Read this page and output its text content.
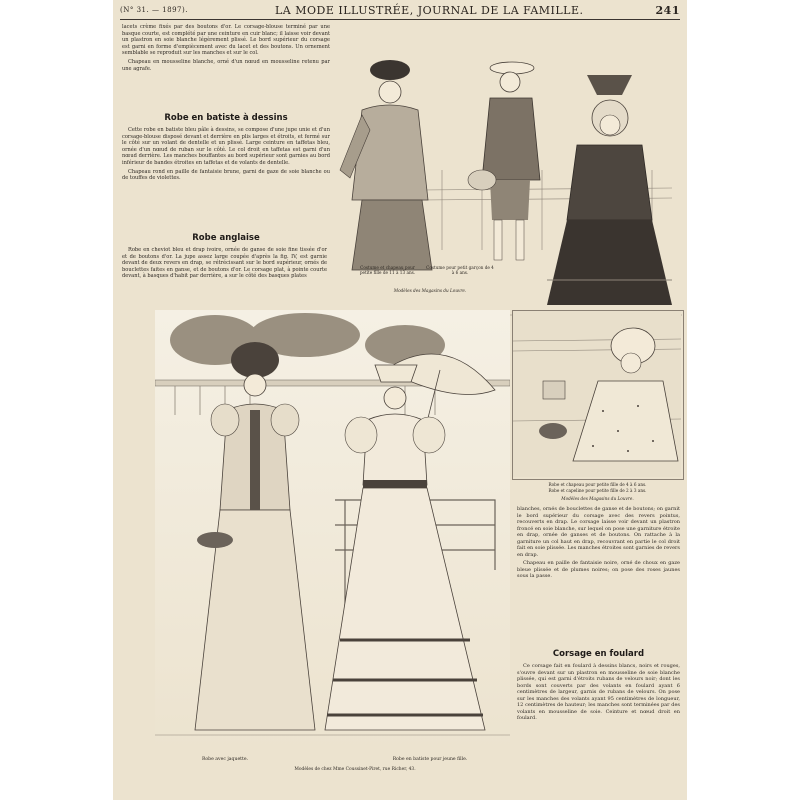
(N° 31. — 1897).	LA MODE ILLUSTRÉE, JOURNAL DE LA FAMILLE.	241

lacets crème fixés par des boutons d'or. Le corsage-blouse terminé par une basque courte, est complété par une ceinture en cuir blanc; il laisse voir devant un plastron en soie blanche légèrement plissé. Le bord supérieur du corsage est garni en forme d'empiècement avec du lacet et des boutons. Un ornement semblable se reproduit sur les manches et sur le col.

Chapeau en mousseline blanche, orné d'un nœud en mousseline retenu par une agrafe.

Robe en batiste à dessins

Cette robe en batiste bleu pâle à dessins, se compose d'une jupe unie et d'un corsage-blouse disposé devant et derrière en plis larges et étroits, et fermé sur le côté sur un volant de dentelle et un plissé. Large ceinture en taffetas bleu, ornée d'un nœud de ruban sur le côté. Le col droit en taffetas est garni d'un nœud derrière. Les manches bouffantes au bord supérieur sont garnies au bord inférieur de bandes étroites en taffetas et de volants de dentelle.

Chapeau rond en paille de fantaisie brune, garni de gaze de soie blanche ou de touffes de violettes.

Robe anglaise

Robe en cheviot bleu et drap ivoire, ornée de ganse de soie fine tissée d'or et de boutons d'or. La jupe assez large coupée d'après la fig. IV, est garnie devant de deux revers en drap, se rétrécissant sur le bord supérieur, ornés de bouclettes faites en ganse, et de boutons d'or. Le corsage plat, à pointe courte devant, à basques d'habit par derrière, a sur le côté des basques plates

Costume et chapeau pour petite fille de 11 à 13 ans.
Costume pour petit garçon de 4 à 6 ans.
Modèles des Magasins du Louvre.
Robe et chapeau pour petite fille de 4 à 6 ans.
Robe et capeline pour petite fille de 2 à 3 ans.
Modèles des Magasins du Louvre.
Robe avec jaquette.	Robe en batiste pour jeune fille.
Modèles de chez Mme Coussinet-Piret, rue Richer, 43.

blanches, ornés de bouclettes de ganse et de boutons; on garnit le bord supérieur du corsage avec des revers pointus, recouverts en drap. Le corsage laisse voir devant un plastron froncé en soie blanche, sur lequel on pose une garniture étroite en drap, ornée de ganses et de boutons. On rattache à la garniture un col haut en drap, recouvrant en partie le col droit fait en soie plissée. Les manches étroites sont garnies de revers en drap.

Chapeau en paille de fantaisie noire, orné de choux en gaze bleue plissée et de plumes noires; on pose des roses jaunes sous la passe.

Corsage en foulard

Ce corsage fait en foulard à dessins blancs, noirs et rouges, s'ouvre devant sur un plastron en mousseline de soie blanche plissée, qui est garni d'étroits rubans de velours noir; dont les bords sont couverts par des volants en foulard ayant 6 centimètres de largeur, garnis de rubans de velours. On pose sur les manches des volants ayant 95 centimètres de longueur, 12 centimètres de hauteur; les manches sont terminées par des volants en mousseline de soie. Ceinture et nœud droit en foulard.
